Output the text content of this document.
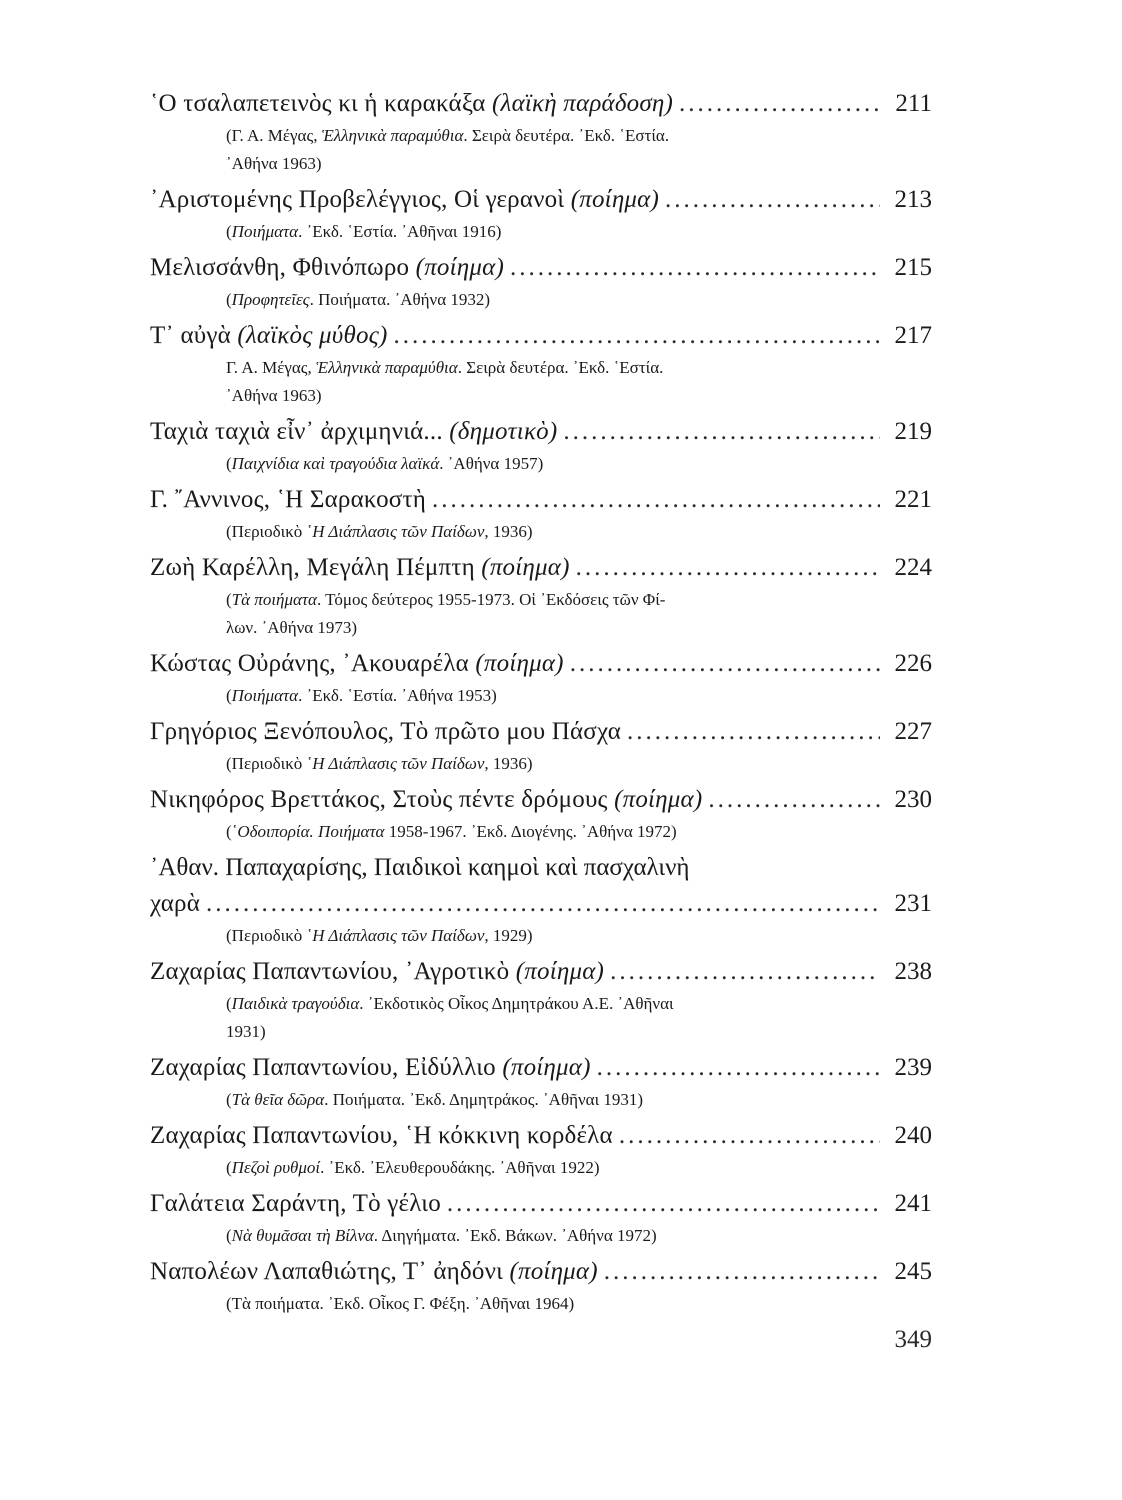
῾Ο τσαλαπετεινὸς κι ἡ καρακάξα (λαϊκὴ παράδοση) .....	211
(Γ. Α. Μέγας, Ἑλληνικὰ παραμύθια. Σειρὰ δευτέρα. ᾿Εκδ. ῾Εστία.
᾿Αθήνα 1963)
᾿Αριστομένης Προβελέγγιος, Οἱ γερανοὶ (ποίημα) .....	213
(Ποιήματα. ᾿Εκδ. ῾Εστία. ᾿Αθῆναι 1916)
Μελισσάνθη, Φθινόπωρο (ποίημα) .....	215
(Προφητεῖες. Ποιήματα. ᾿Αθήνα 1932)
Τ᾿ αὐγὰ (λαϊκὸς μύθος) .....	217
Γ. Α. Μέγας, Ἑλληνικὰ παραμύθια. Σειρὰ δευτέρα. ᾿Εκδ. ῾Εστία.
᾿Αθήνα 1963)
Ταχιὰ ταχιὰ εἶν᾿ ἀρχιμηνιά... (δημοτικὸ) .....	219
(Παιχνίδια καὶ τραγούδια λαϊκά. ᾿Αθήνα 1957)
Γ. ῎Αννινος, ῾Η Σαρακοστὴ .....	221
(Περιοδικὸ ῾Η Διάπλασις τῶν Παίδων, 1936)
Ζωὴ Καρέλλη, Μεγάλη Πέμπτη (ποίημα) .....	224
(Τὰ ποιήματα. Τόμος δεύτερος 1955-1973. Οἱ ᾿Εκδόσεις τῶν Φί-
λων. ᾿Αθήνα 1973)
Κώστας Οὐράνης, ᾿Ακουαρέλα (ποίημα) .....	226
(Ποιήματα. ᾿Εκδ. ῾Εστία. ᾿Αθήνα 1953)
Γρηγόριος Ξενόπουλος, Τὸ πρῶτο μου Πάσχα .....	227
(Περιοδικὸ ῾Η Διάπλασις τῶν Παίδων, 1936)
Νικηφόρος Βρεττάκος, Στοὺς πέντε δρόμους (ποίημα) .....	230
(῾Οδοιπορία. Ποιήματα 1958-1967. ᾿Εκδ. Διογένης. ᾿Αθήνα 1972)
᾿Αθαν. Παπαχαρίσης, Παιδικοὶ καημοὶ καὶ πασχαλινὴ
χαρὰ .....	231
(Περιοδικὸ ῾Η Διάπλασις τῶν Παίδων, 1929)
Ζαχαρίας Παπαντωνίου, ᾿Αγροτικὸ (ποίημα) .....	238
(Παιδικὰ τραγούδια. ᾿Εκδοτικὸς Οἶκος Δημητράκου Α.Ε. ᾿Αθῆναι
1931)
Ζαχαρίας Παπαντωνίου, Εἰδύλλιο (ποίημα) .....	239
(Τὰ θεῖα δῶρα. Ποιήματα. ᾿Εκδ. Δημητράκος. ᾿Αθῆναι 1931)
Ζαχαρίας Παπαντωνίου, ῾Η κόκκινη κορδέλα .....	240
(Πεζοὶ ρυθμοί. ᾿Εκδ. ᾿Ελευθερουδάκης. ᾿Αθῆναι 1922)
Γαλάτεια Σαράντη, Τὸ γέλιο .....	241
(Νὰ θυμᾶσαι τὴ Βίλνα. Διηγήματα. ᾿Εκδ. Βάκων. ᾿Αθήνα 1972)
Ναπολέων Λαπαθιώτης, Τ᾿ ἀηδόνι (ποίημα) .....	245
(Τὰ ποιήματα. ᾿Εκδ. Οἶκος Γ. Φέξη. ᾿Αθῆναι 1964)
349
